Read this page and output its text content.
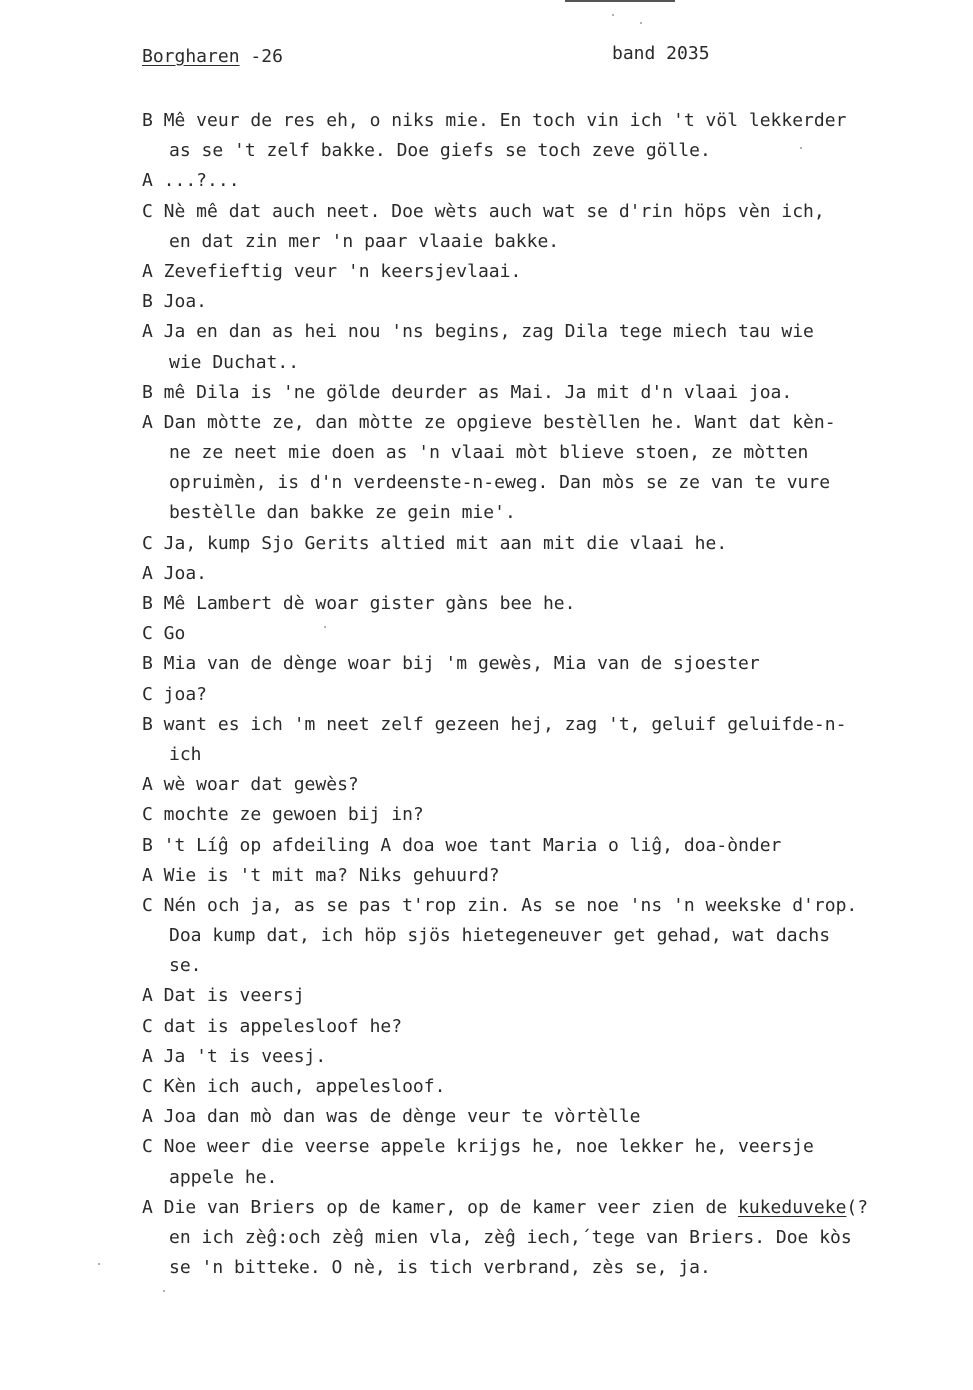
Borgharen -26	band 2035
B Mê veur de res eh, o niks mie. En toch vin ich 't völ lekkerder
as se 't zelf bakke. Doe giefs se toch zeve gölle.
A ...?...
C Nè mê dat auch neet. Doe wèts auch wat se d'rin höps vèn ich,
en dat zin mer 'n paar vlaaie bakke.
A Zevefieftig veur 'n keersjevlaai.
B Joa.
A Ja en dan as hei nou 'ns begins, zag Dila tege miech tau wie
wie Duchat..
B mê Dila is 'ne gölde deurder as Mai. Ja mit d'n vlaai joa.
A Dan mòtte ze, dan mòtte ze opgieve bestèllen he. Want dat kèn-
ne ze neet mie doen as 'n vlaai mòt blieve stoen, ze mòtten
opruimèn, is d'n verdeenste-n-eweg. Dan mòs se ze van te vure
bestèlle dan bakke ze gein mie'.
C Ja, kump Sjo Gerits altied mit aan mit die vlaai he.
A Joa.
B Mê Lambert dè woar gister gàns bee he.
C Go
B Mia van de dènge woar bij 'm gewès, Mia van de sjoester
C joa?
B want es ich 'm neet zelf gezeen hej, zag 't, geluif geluifde-n-
ich
A wè woar dat gewès?
C mochte ze gewoen bij in?
B 't Líĝ op afdeiling A doa woe tant Maria o liĝ, doa-ònder
A Wie is 't mit ma? Niks gehuurd?
C Nén och ja, as se pas t'rop zin. As se noe 'ns 'n weekske d'rop.
Doa kump dat, ich höp sjös hietegeneuver get gehad, wat dachs
se.
A Dat is veersj
C dat is appelesloof he?
A Ja 't is veesj.
C Kèn ich auch, appelesloof.
A Joa dan mò dan was de dènge veur te vòrtèlle
C Noe weer die veerse appele krijgs he, noe lekker he, veersje
appele he.
A Die van Briers op de kamer, op de kamer veer zien de kukeduveke(?
en ich zèĝ:och zèĝ mien vla, zèĝ iech,´tege van Briers. Doe kòs
se 'n bitteke. O nè, is tich verbrand, zès se, ja.
